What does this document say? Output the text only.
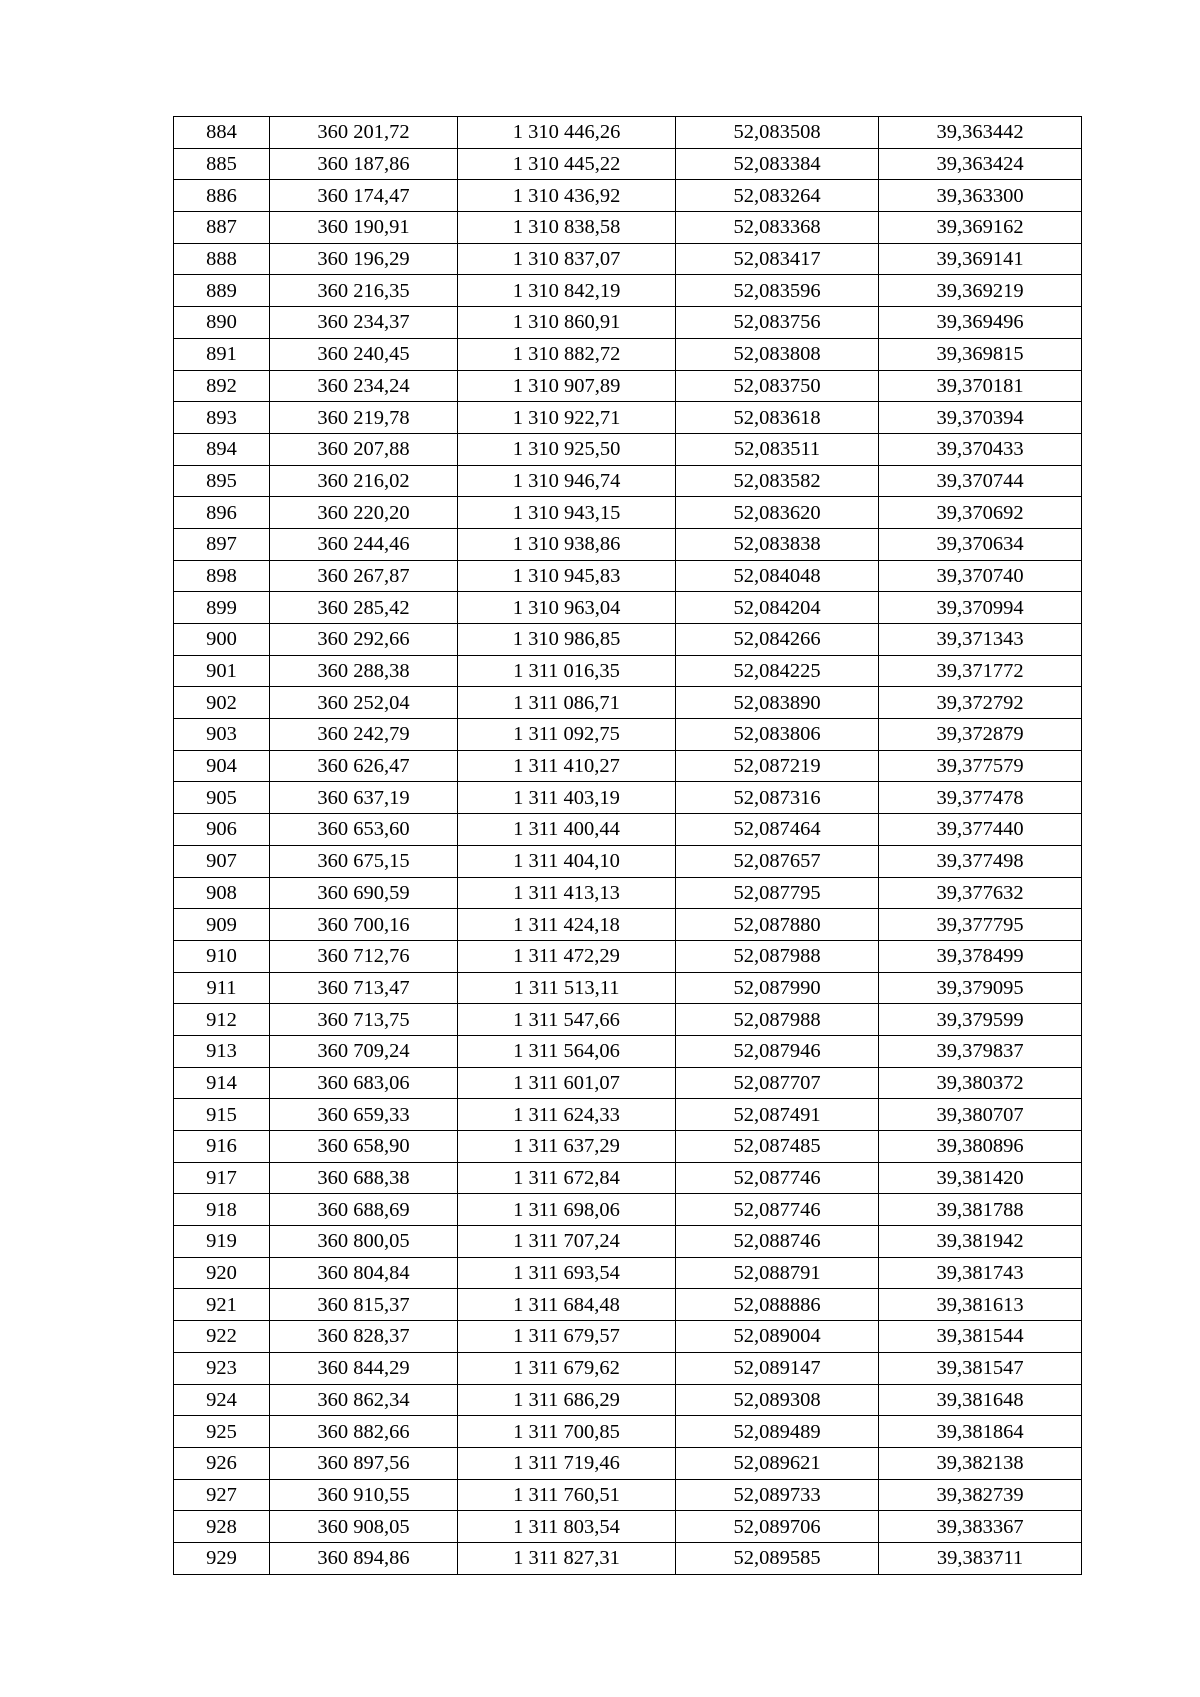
884	360 201,72	1 310 446,26	52,083508	39,363442
885	360 187,86	1 310 445,22	52,083384	39,363424
886	360 174,47	1 310 436,92	52,083264	39,363300
887	360 190,91	1 310 838,58	52,083368	39,369162
888	360 196,29	1 310 837,07	52,083417	39,369141
889	360 216,35	1 310 842,19	52,083596	39,369219
890	360 234,37	1 310 860,91	52,083756	39,369496
891	360 240,45	1 310 882,72	52,083808	39,369815
892	360 234,24	1 310 907,89	52,083750	39,370181
893	360 219,78	1 310 922,71	52,083618	39,370394
894	360 207,88	1 310 925,50	52,083511	39,370433
895	360 216,02	1 310 946,74	52,083582	39,370744
896	360 220,20	1 310 943,15	52,083620	39,370692
897	360 244,46	1 310 938,86	52,083838	39,370634
898	360 267,87	1 310 945,83	52,084048	39,370740
899	360 285,42	1 310 963,04	52,084204	39,370994
900	360 292,66	1 310 986,85	52,084266	39,371343
901	360 288,38	1 311 016,35	52,084225	39,371772
902	360 252,04	1 311 086,71	52,083890	39,372792
903	360 242,79	1 311 092,75	52,083806	39,372879
904	360 626,47	1 311 410,27	52,087219	39,377579
905	360 637,19	1 311 403,19	52,087316	39,377478
906	360 653,60	1 311 400,44	52,087464	39,377440
907	360 675,15	1 311 404,10	52,087657	39,377498
908	360 690,59	1 311 413,13	52,087795	39,377632
909	360 700,16	1 311 424,18	52,087880	39,377795
910	360 712,76	1 311 472,29	52,087988	39,378499
911	360 713,47	1 311 513,11	52,087990	39,379095
912	360 713,75	1 311 547,66	52,087988	39,379599
913	360 709,24	1 311 564,06	52,087946	39,379837
914	360 683,06	1 311 601,07	52,087707	39,380372
915	360 659,33	1 311 624,33	52,087491	39,380707
916	360 658,90	1 311 637,29	52,087485	39,380896
917	360 688,38	1 311 672,84	52,087746	39,381420
918	360 688,69	1 311 698,06	52,087746	39,381788
919	360 800,05	1 311 707,24	52,088746	39,381942
920	360 804,84	1 311 693,54	52,088791	39,381743
921	360 815,37	1 311 684,48	52,088886	39,381613
922	360 828,37	1 311 679,57	52,089004	39,381544
923	360 844,29	1 311 679,62	52,089147	39,381547
924	360 862,34	1 311 686,29	52,089308	39,381648
925	360 882,66	1 311 700,85	52,089489	39,381864
926	360 897,56	1 311 719,46	52,089621	39,382138
927	360 910,55	1 311 760,51	52,089733	39,382739
928	360 908,05	1 311 803,54	52,089706	39,383367
929	360 894,86	1 311 827,31	52,089585	39,383711
